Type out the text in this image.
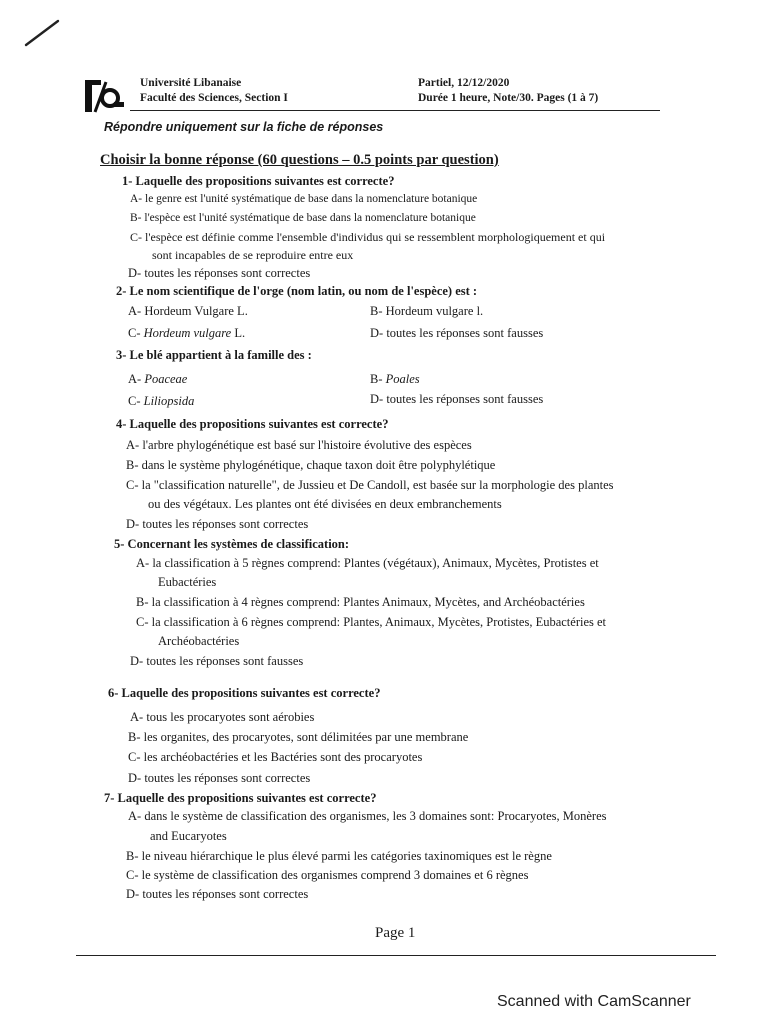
Université Libanaise
Faculté des Sciences, Section I
Partiel, 12/12/2020
Durée 1 heure, Note/30. Pages (1 à 7)
Répondre uniquement sur la fiche de réponses
Choisir la bonne réponse (60 questions – 0.5 points par question)
1- Laquelle des propositions suivantes est correcte?
A- le genre est l'unité systématique de base dans la nomenclature botanique
B- l'espèce est l'unité systématique de base dans la nomenclature botanique
C- l'espèce est définie comme l'ensemble d'individus qui se ressemblent morphologiquement et qui
sont incapables de se reproduire entre eux
D- toutes les réponses sont correctes
2- Le nom scientifique de l'orge (nom latin, ou nom de l'espèce) est :
A- Hordeum Vulgare L.	B- Hordeum vulgare l.
C- Hordeum vulgare L.	D- toutes les réponses sont fausses
3- Le blé appartient à la famille des :
A- Poaceae	B- Poales
C- Liliopsida	D- toutes les réponses sont fausses
4- Laquelle des propositions suivantes est correcte?
A- l'arbre phylogénétique est basé sur l'histoire évolutive des espèces
B- dans le système phylogénétique, chaque taxon doit être polyphylétique
C- la "classification naturelle", de Jussieu et De Candoll, est basée sur la morphologie des plantes
ou des végétaux. Les plantes ont été divisées en deux embranchements
D- toutes les réponses sont correctes
5- Concernant les systèmes de classification:
A- la classification à 5 règnes comprend: Plantes (végétaux), Animaux, Mycètes, Protistes et
Eubactéries
B- la classification à 4 règnes comprend: Plantes Animaux, Mycètes, and Archéobactéries
C- la classification à 6 règnes comprend: Plantes, Animaux, Mycètes, Protistes, Eubactéries et
Archéobactéries
D- toutes les réponses sont fausses
6- Laquelle des propositions suivantes est correcte?
A- tous les procaryotes sont aérobies
B- les organites, des procaryotes, sont délimitées par une membrane
C- les archéobactéries et les Bactéries sont des procaryotes
D- toutes les réponses sont correctes
7- Laquelle des propositions suivantes est correcte?
A- dans le système de classification des organismes, les 3 domaines sont: Procaryotes, Monères
and Eucaryotes
B- le niveau hiérarchique le plus élevé parmi les catégories taxinomiques est le règne
C- le système de classification des organismes comprend 3 domaines et 6 règnes
D- toutes les réponses sont correctes
Page 1
Scanned with CamScanner
